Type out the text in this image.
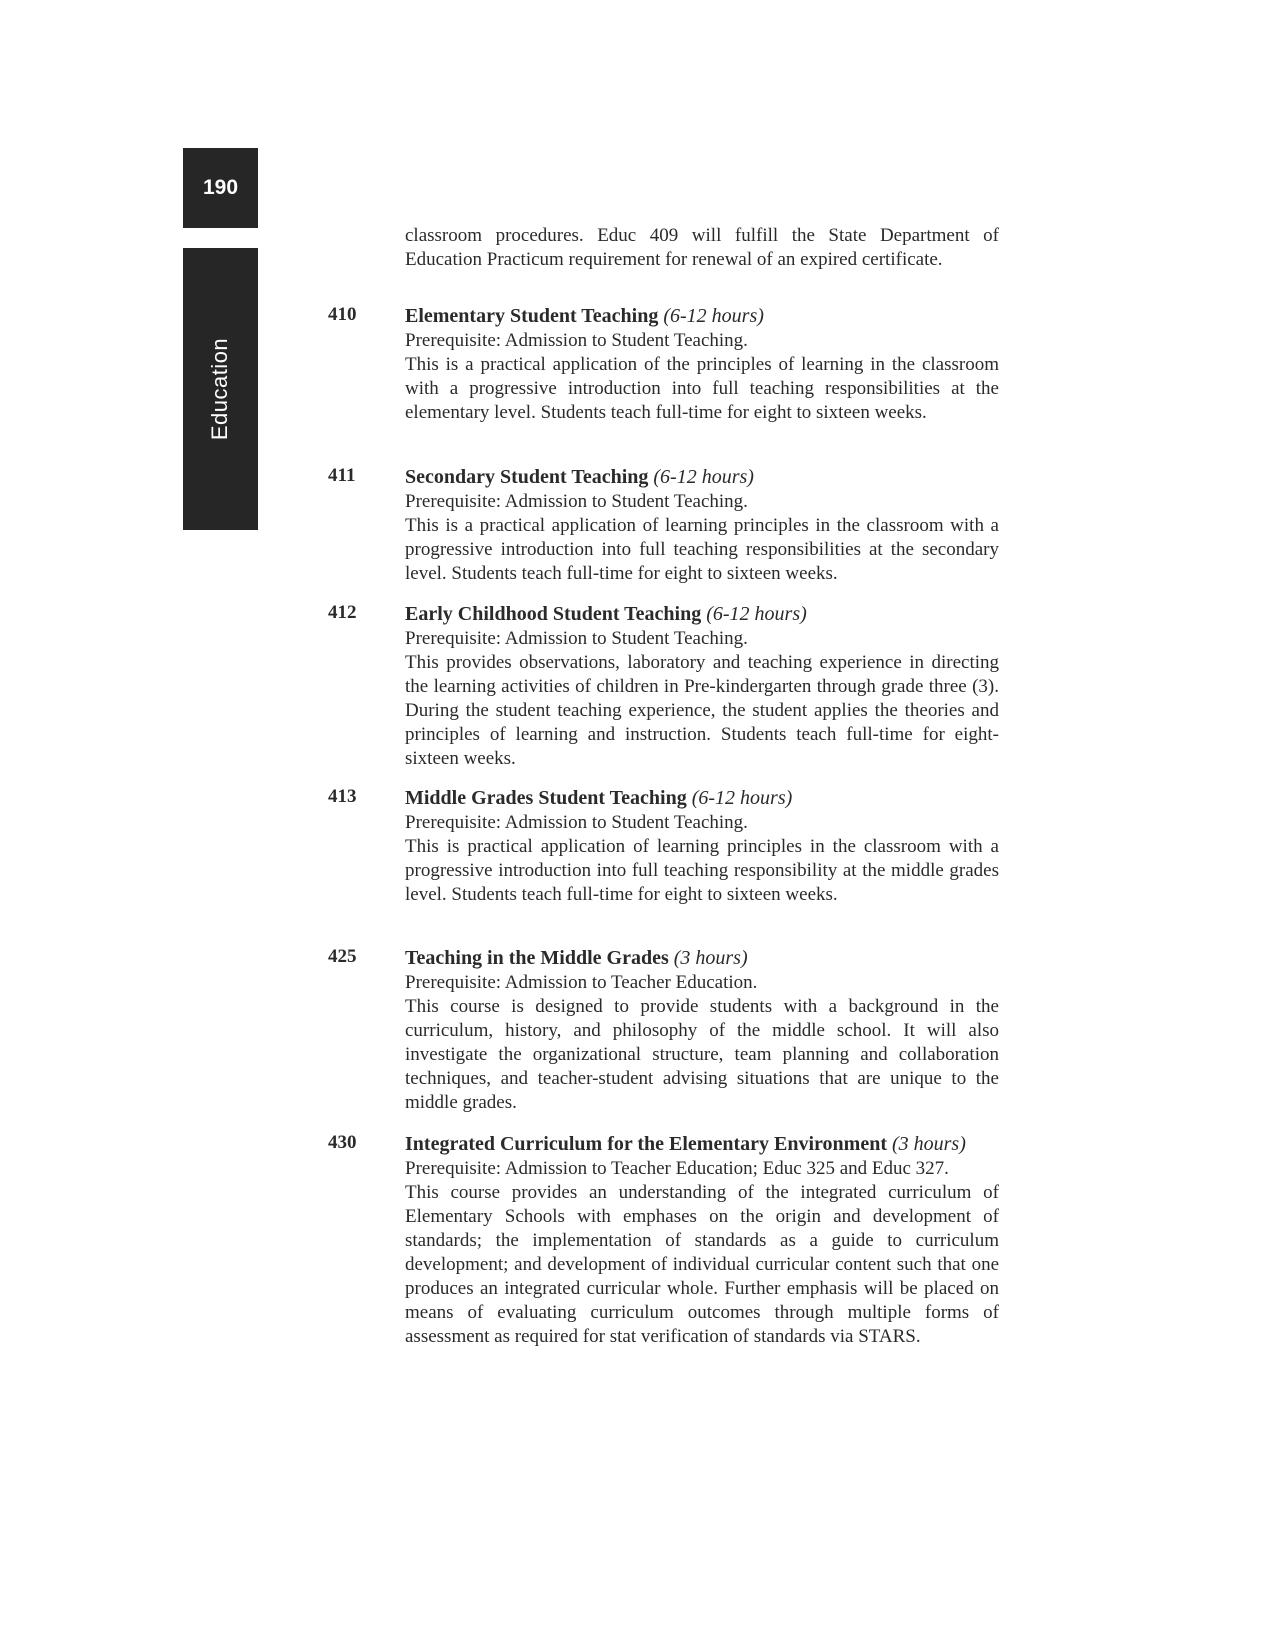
190
Education

classroom procedures. Educ 409 will fulfill the State Department of Education Practicum requirement for renewal of an expired certificate.

410 Elementary Student Teaching (6-12 hours)

Prerequisite: Admission to Student Teaching.

This is a practical application of the principles of learning in the classroom with a progressive introduction into full teaching responsibilities at the elementary level. Students teach full-time for eight to sixteen weeks.

411 Secondary Student Teaching (6-12 hours)

Prerequisite: Admission to Student Teaching.

This is a practical application of learning principles in the classroom with a progressive introduction into full teaching responsibilities at the secondary level. Students teach full-time for eight to sixteen weeks.

412 Early Childhood Student Teaching (6-12 hours)

Prerequisite: Admission to Student Teaching.

This provides observations, laboratory and teaching experience in directing the learning activities of children in Pre-kindergarten through grade three (3). During the student teaching experience, the student applies the theories and principles of learning and instruction. Students teach full-time for eight-sixteen weeks.

413 Middle Grades Student Teaching (6-12 hours)

Prerequisite: Admission to Student Teaching.

This is practical application of learning principles in the classroom with a progressive introduction into full teaching responsibility at the middle grades level. Students teach full-time for eight to sixteen weeks.

425 Teaching in the Middle Grades (3 hours)

Prerequisite: Admission to Teacher Education.

This course is designed to provide students with a background in the curriculum, history, and philosophy of the middle school. It will also investigate the organizational structure, team planning and collaboration techniques, and teacher-student advising situations that are unique to the middle grades.

430 Integrated Curriculum for the Elementary Environment (3 hours)

Prerequisite: Admission to Teacher Education; Educ 325 and Educ 327.

This course provides an understanding of the integrated curriculum of Elementary Schools with emphases on the origin and development of standards; the implementation of standards as a guide to curriculum development; and development of individual curricular content such that one produces an integrated curricular whole. Further emphasis will be placed on means of evaluating curriculum outcomes through multiple forms of assessment as required for stat verification of standards via STARS.
